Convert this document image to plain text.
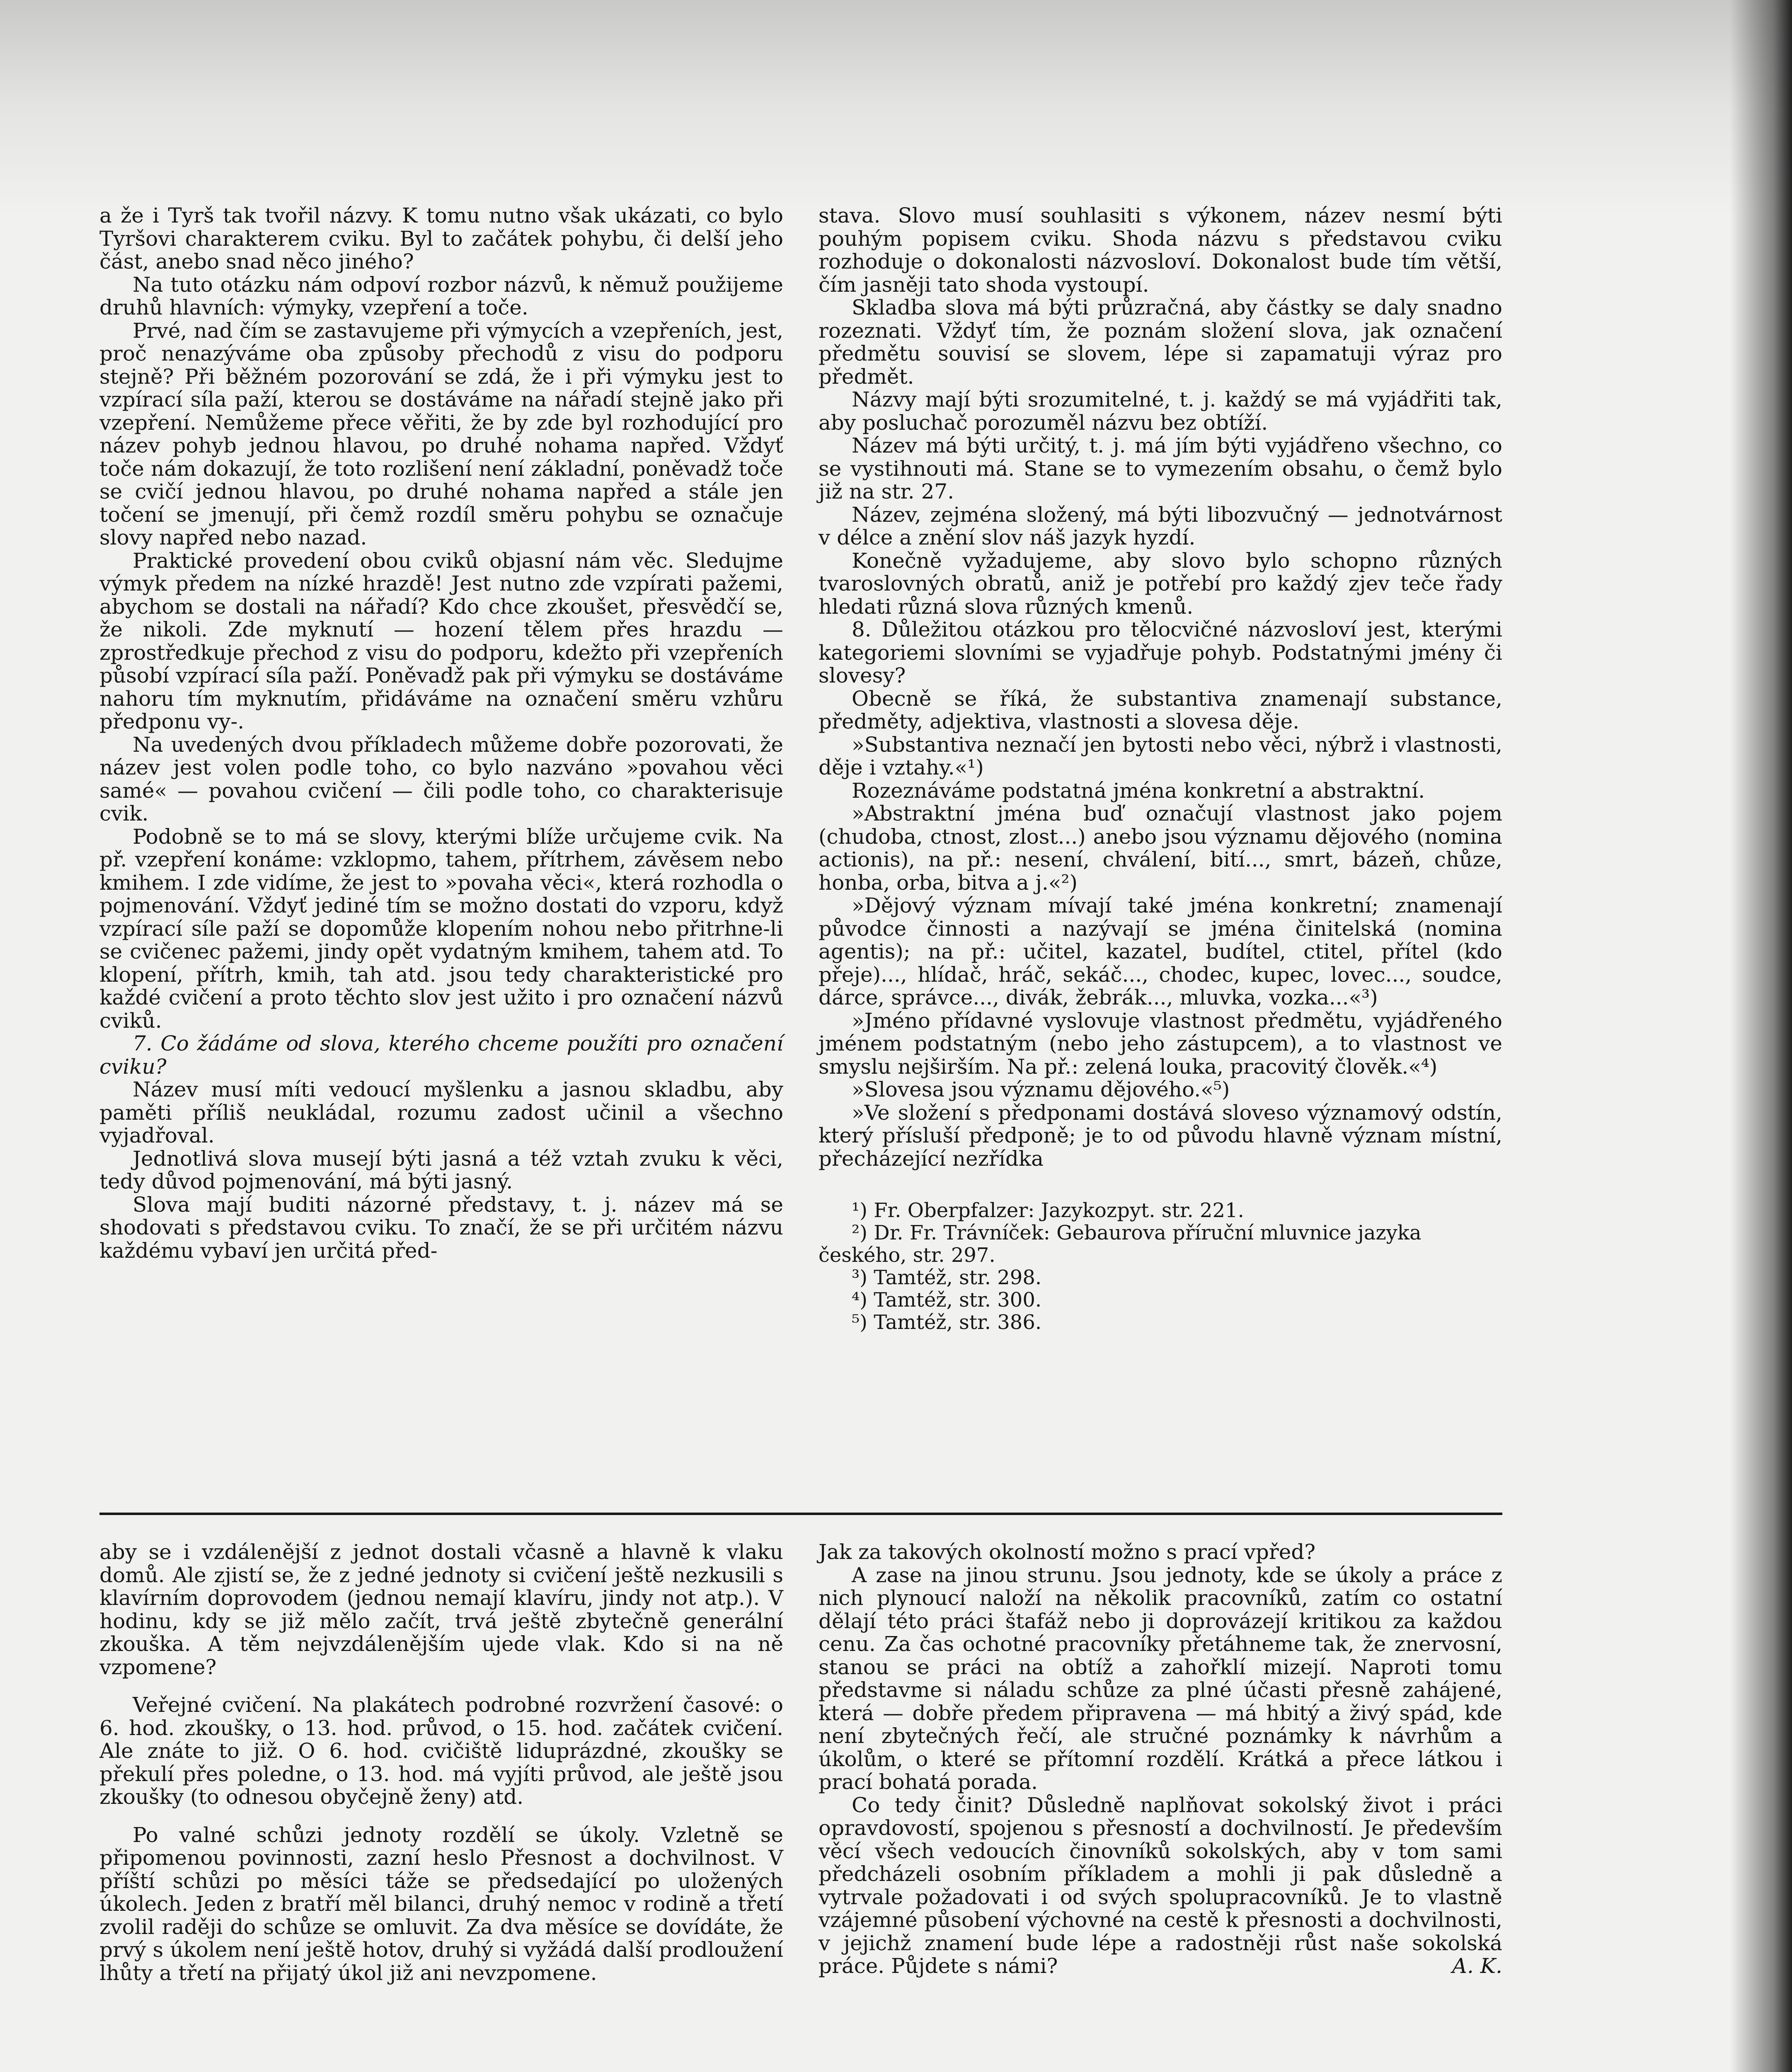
a že i Tyrš tak tvořil názvy. K tomu nutno však ukázati, co bylo Tyršovi charakterem cviku. Byl to začátek pohybu, či delší jeho část, anebo snad něco jiného?

Na tuto otázku nám odpoví rozbor názvů, k němuž použijeme druhů hlavních: výmyky, vzepření a toče.

Prvé, nad čím se zastavujeme při výmycích a vzepřeních, jest, proč nenazýváme oba způsoby přechodů z visu do podporu stejně? Při běžném pozorování se zdá, že i při výmyku jest to vzpírací síla paží, kterou se dostáváme na nářadí stejně jako při vzepření. Nemůžeme přece věřiti, že by zde byl rozhodující pro název pohyb jednou hlavou, po druhé nohama napřed. Vždyť toče nám dokazují, že toto rozlišení není základní, poněvadž toče se cvičí jednou hlavou, po druhé nohama napřed a stále jen točení se jmenují, při čemž rozdíl směru pohybu se označuje slovy napřed nebo nazad.

Praktické provedení obou cviků objasní nám věc. Sledujme výmyk předem na nízké hrazdě! Jest nutno zde vzpírati pažemi, abychom se dostali na nářadí? Kdo chce zkoušet, přesvědčí se, že nikoli. Zde myknutí — hození tělem přes hrazdu — zprostředkuje přechod z visu do podporu, kdežto při vzepřeních působí vzpírací síla paží. Poněvadž pak při výmyku se dostáváme nahoru tím myknutím, přidáváme na označení směru vzhůru předponu vy-.

Na uvedených dvou příkladech můžeme dobře pozorovati, že název jest volen podle toho, co bylo nazváno »povahou věci samé« — povahou cvičení — čili podle toho, co charakterisuje cvik.

Podobně se to má se slovy, kterými blíže určujeme cvik. Na př. vzepření konáme: vzklopmo, tahem, přítrhem, závěsem nebo kmihem. I zde vidíme, že jest to »povaha věci«, která rozhodla o pojmenování. Vždyť jediné tím se možno dostati do vzporu, když vzpírací síle paží se dopomůže klopením nohou nebo přitrhne-li se cvičenec pažemi, jindy opět vydatným kmihem, tahem atd. To klopení, přítrh, kmih, tah atd. jsou tedy charakteristické pro každé cvičení a proto těchto slov jest užito i pro označení názvů cviků.

7. Co žádáme od slova, kterého chceme použíti pro označení cviku?

Název musí míti vedoucí myšlenku a jasnou skladbu, aby paměti příliš neukládal, rozumu zadost učinil a všechno vyjadřoval.

Jednotlivá slova musejí býti jasná a též vztah zvuku k věci, tedy důvod pojmenování, má býti jasný.

Slova mají buditi názorné představy, t. j. název má se shodovati s představou cviku. To značí, že se při určitém názvu každému vybaví jen určitá před-

stava. Slovo musí souhlasiti s výkonem, název nesmí býti pouhým popisem cviku. Shoda názvu s představou cviku rozhoduje o dokonalosti názvosloví. Dokonalost bude tím větší, čím jasněji tato shoda vystoupí.

Skladba slova má býti průzračná, aby částky se daly snadno rozeznati. Vždyť tím, že poznám složení slova, jak označení předmětu souvisí se slovem, lépe si zapamatuji výraz pro předmět.

Názvy mají býti srozumitelné, t. j. každý se má vyjádřiti tak, aby posluchač porozuměl názvu bez obtíží.

Název má býti určitý, t. j. má jím býti vyjádřeno všechno, co se vystihnouti má. Stane se to vymezením obsahu, o čemž bylo již na str. 27.

Název, zejména složený, má býti libozvučný — jednotvárnost v délce a znění slov náš jazyk hyzdí.

Konečně vyžadujeme, aby slovo bylo schopno různých tvaroslovných obratů, aniž je potřebí pro každý zjev teče řady hledati různá slova různých kmenů.

8. Důležitou otázkou pro tělocvičné názvosloví jest, kterými kategoriemi slovními se vyjadřuje pohyb. Podstatnými jmény či slovesy?

Obecně se říká, že substantiva znamenají substance, předměty, adjektiva, vlastnosti a slovesa děje.

»Substantiva neznačí jen bytosti nebo věci, nýbrž i vlastnosti, děje i vztahy.«¹)

Rozeznáváme podstatná jména konkretní a abstraktní.

»Abstraktní jména buď označují vlastnost jako pojem (chudoba, ctnost, zlost...) anebo jsou významu dějového (nomina actionis), na př.: nesení, chválení, bití..., smrt, bázeň, chůze, honba, orba, bitva a j.«²)

»Dějový význam mívají také jména konkretní; znamenají původce činnosti a nazývají se jména činitelská (nomina agentis); na př.: učitel, kazatel, budítel, ctitel, přítel (kdo přeje)..., hlídač, hráč, sekáč..., chodec, kupec, lovec..., soudce, dárce, správce..., divák, žebrák..., mluvka, vozka...«³)

»Jméno přídavné vyslovuje vlastnost předmětu, vyjádřeného jménem podstatným (nebo jeho zástupcem), a to vlastnost ve smyslu nejširším. Na př.: zelená louka, pracovitý člověk.«⁴)

»Slovesa jsou významu dějového.«⁵)

»Ve složení s předponami dostává sloveso významový odstín, který přísluší předponě; je to od původu hlavně význam místní, přecházející nezřídka

¹) Fr. Oberpfalzer: Jazykozpyt. str. 221.

²) Dr. Fr. Trávníček: Gebaurova příruční mluvnice jazyka českého, str. 297.

³) Tamtéž, str. 298.

⁴) Tamtéž, str. 300.

⁵) Tamtéž, str. 386.

aby se i vzdálenější z jednot dostali včasně a hlavně k vlaku domů. Ale zjistí se, že z jedné jednoty si cvičení ještě nezkusili s klavírním doprovodem (jednou nemají klavíru, jindy not atp.). V hodinu, kdy se již mělo začít, trvá ještě zbytečně generální zkouška. A těm nejvzdálenějším ujede vlak. Kdo si na ně vzpomene?

Veřejné cvičení. Na plakátech podrobné rozvržení časové: o 6. hod. zkoušky, o 13. hod. průvod, o 15. hod. začátek cvičení. Ale znáte to již. O 6. hod. cvičiště liduprázdné, zkoušky se překulí přes poledne, o 13. hod. má vyjíti průvod, ale ještě jsou zkoušky (to odnesou obyčejně ženy) atd.

Po valné schůzi jednoty rozdělí se úkoly. Vzletně se připomenou povinnosti, zazní heslo Přesnost a dochvilnost. V příští schůzi po měsíci táže se předsedající po uložených úkolech. Jeden z bratří měl bilanci, druhý nemoc v rodině a třetí zvolil raději do schůze se omluvit. Za dva měsíce se dovídáte, že prvý s úkolem není ještě hotov, druhý si vyžádá další prodloužení lhůty a třetí na přijatý úkol již ani nevzpomene.

Jak za takových okolností možno s prací vpřed?

A zase na jinou strunu. Jsou jednoty, kde se úkoly a práce z nich plynoucí naloží na několik pracovníků, zatím co ostatní dělají této práci štafáž nebo ji doprovázejí kritikou za každou cenu. Za čas ochotné pracovníky přetáhneme tak, že znervosní, stanou se práci na obtíž a zahořklí mizejí. Naproti tomu představme si náladu schůze za plné účasti přesně zahájené, která — dobře předem připravena — má hbitý a živý spád, kde není zbytečných řečí, ale stručné poznámky k návrhům a úkolům, o které se přítomní rozdělí. Krátká a přece látkou i prací bohatá porada.

Co tedy činit? Důsledně naplňovat sokolský život i práci opravdovostí, spojenou s přesností a dochvilností. Je především věcí všech vedoucích činovníků sokolských, aby v tom sami předcházeli osobním příkladem a mohli ji pak důsledně a vytrvale požadovati i od svých spolupracovníků. Je to vlastně vzájemné působení výchovné na cestě k přesnosti a dochvilnosti, v jejichž znamení bude lépe a radostněji růst naše sokolská práce. Půjdete s námi?	A. K.
